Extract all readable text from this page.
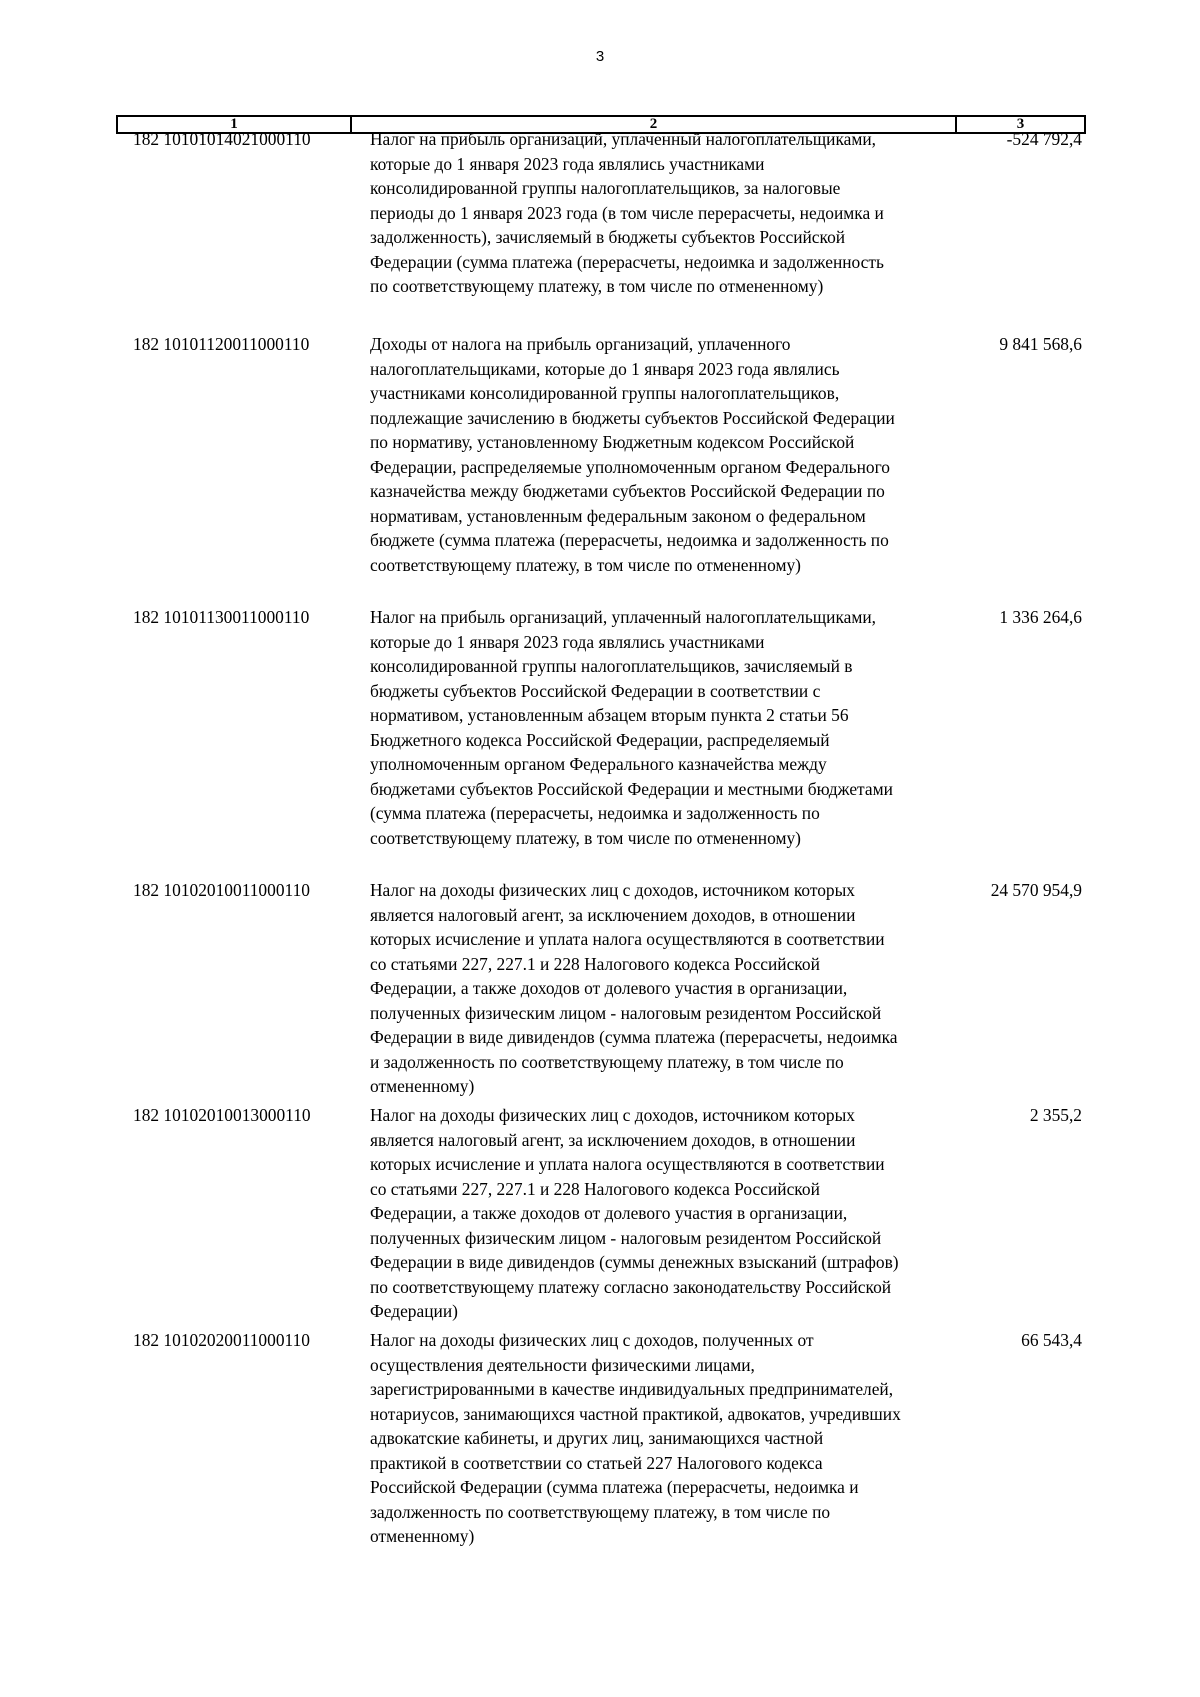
3
1	2	3
182 10101014021000110	Налог на прибыль организаций, уплаченный налогоплательщиками,
которые до 1 января 2023 года являлись участниками
консолидированной группы налогоплательщиков, за налоговые
периоды до 1 января 2023 года (в том числе перерасчеты, недоимка и
задолженность), зачисляемый в бюджеты субъектов Российской
Федерации (сумма платежа (перерасчеты, недоимка и задолженность
по соответствующему платежу, в том числе по отмененному)
-524 792,4
182 10101120011000110	Доходы от налога на прибыль организаций, уплаченного
налогоплательщиками, которые до 1 января 2023 года являлись
участниками консолидированной группы налогоплательщиков,
подлежащие зачислению в бюджеты субъектов Российской Федерации
по нормативу, установленному Бюджетным кодексом Российской
Федерации, распределяемые уполномоченным органом Федерального
казначейства между бюджетами субъектов Российской Федерации по
нормативам, установленным федеральным законом о федеральном
бюджете (сумма платежа (перерасчеты, недоимка и задолженность по
соответствующему платежу, в том числе по отмененному)
9 841 568,6
182 10101130011000110	Налог на прибыль организаций, уплаченный налогоплательщиками,
которые до 1 января 2023 года являлись участниками
консолидированной группы налогоплательщиков, зачисляемый в
бюджеты субъектов Российской Федерации в соответствии с
нормативом, установленным абзацем вторым пункта 2 статьи 56
Бюджетного кодекса Российской Федерации, распределяемый
уполномоченным органом Федерального казначейства между
бюджетами субъектов Российской Федерации и местными бюджетами
(сумма платежа (перерасчеты, недоимка и задолженность по
соответствующему платежу, в том числе по отмененному)
1 336 264,6
182 10102010011000110	Налог на доходы физических лиц с доходов, источником которых
является налоговый агент, за исключением доходов, в отношении
которых исчисление и уплата налога осуществляются в соответствии
со статьями 227, 227.1 и 228 Налогового кодекса Российской
Федерации, а также доходов от долевого участия в организации,
полученных физическим лицом - налоговым резидентом Российской
Федерации в виде дивидендов (сумма платежа (перерасчеты, недоимка
и задолженность по соответствующему платежу, в том числе по
отмененному)
24 570 954,9
182 10102010013000110	Налог на доходы физических лиц с доходов, источником которых
является налоговый агент, за исключением доходов, в отношении
которых исчисление и уплата налога осуществляются в соответствии
со статьями 227, 227.1 и 228 Налогового кодекса Российской
Федерации, а также доходов от долевого участия в организации,
полученных физическим лицом - налоговым резидентом Российской
Федерации в виде дивидендов (суммы денежных взысканий (штрафов)
по соответствующему платежу согласно законодательству Российской
Федерации)
2 355,2
182 10102020011000110	Налог на доходы физических лиц с доходов, полученных от
осуществления деятельности физическими лицами,
зарегистрированными в качестве индивидуальных предпринимателей,
нотариусов, занимающихся частной практикой, адвокатов, учредивших
адвокатские кабинеты, и других лиц, занимающихся частной
практикой в соответствии со статьей 227 Налогового кодекса
Российской Федерации (сумма платежа (перерасчеты, недоимка и
задолженность по соответствующему платежу, в том числе по
отмененному)
66 543,4
